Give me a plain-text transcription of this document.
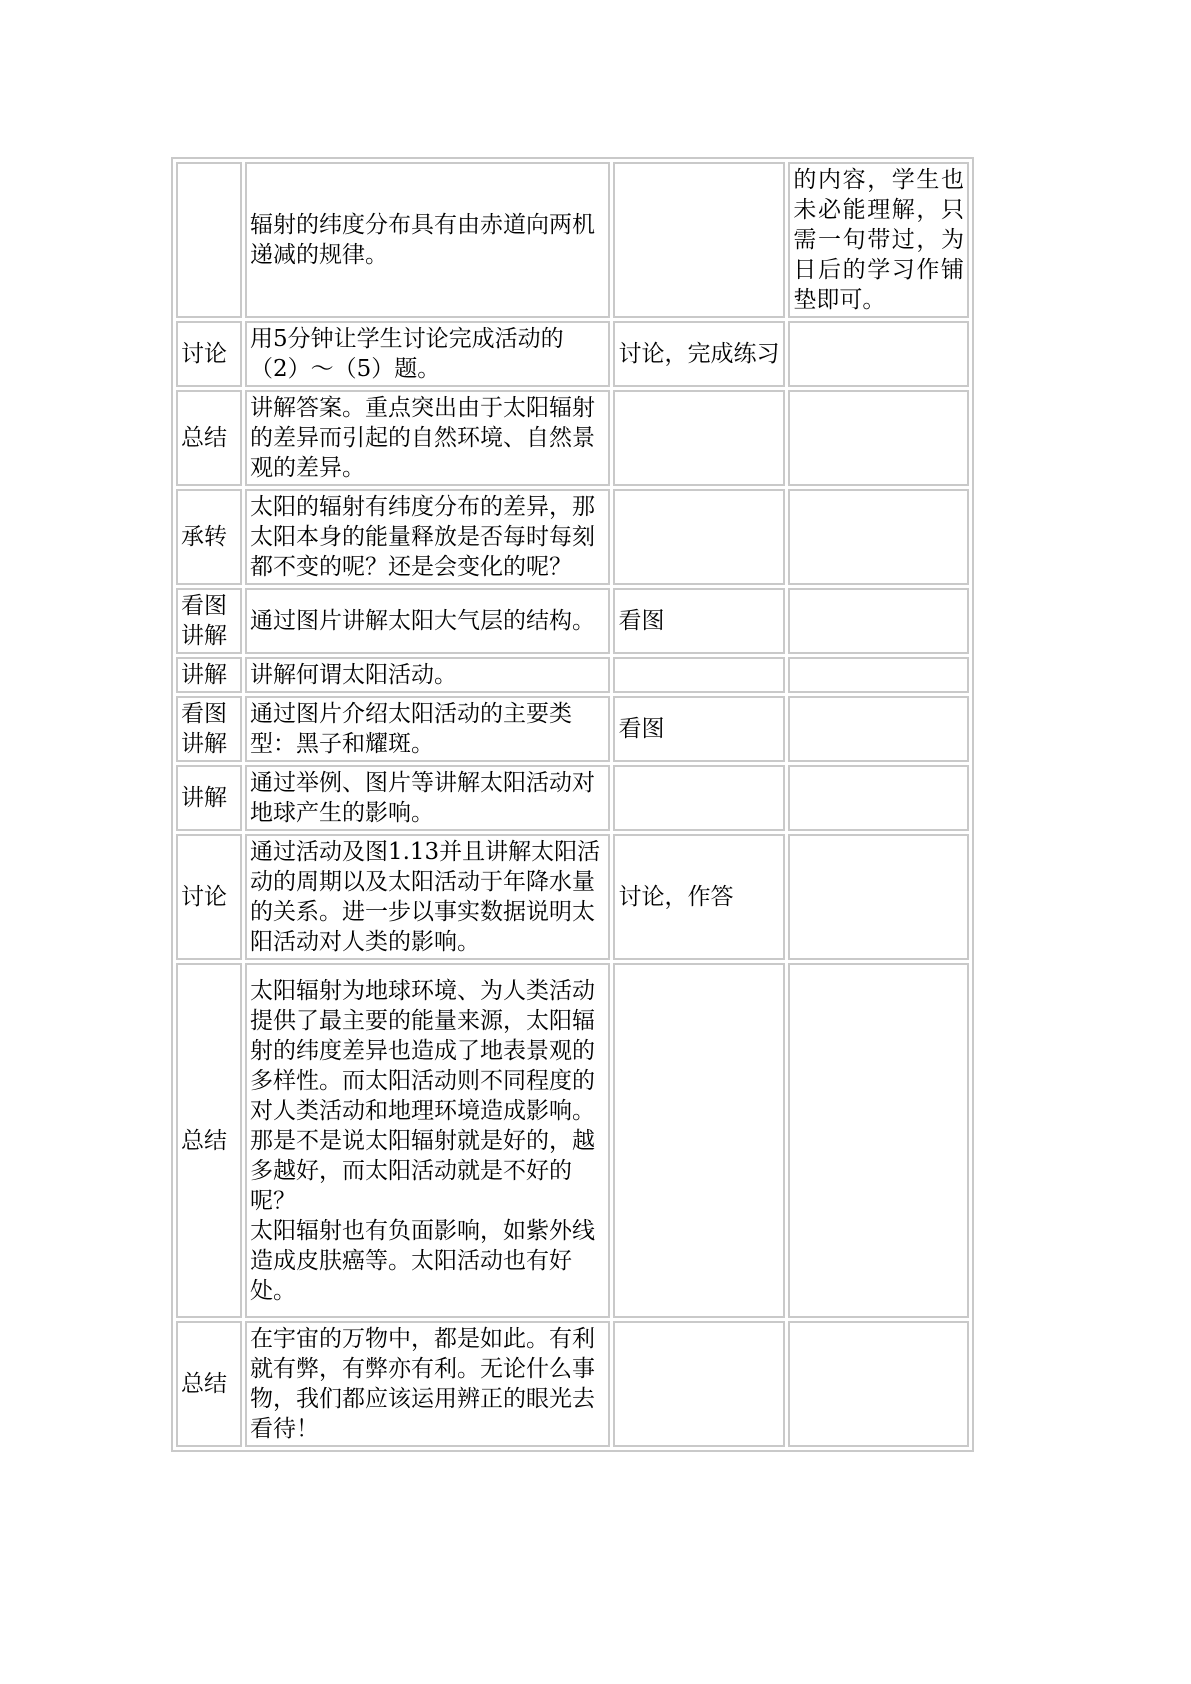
	辐射的纬度分布具有由赤道向两机递减的规律。		的内容，学生也未必能理解，只需一句带过，为日后的学习作铺垫即可。
讨论	用5分钟让学生讨论完成活动的（2）～（5）题。	讨论，完成练习	
总结	讲解答案。重点突出由于太阳辐射的差异而引起的自然环境、自然景观的差异。		

承转	太阳的辐射有纬度分布的差异，那太阳本身的能量释放是否每时每刻都不变的呢？还是会变化的呢？		

看图讲解	通过图片讲解太阳大气层的结构。	看图	
讲解	讲解何谓太阳活动。		

看图讲解	通过图片介绍太阳活动的主要类型：黑子和耀斑。	看图	
讲解	通过举例、图片等讲解太阳活动对地球产生的影响。		

讨论	通过活动及图1.13并且讲解太阳活动的周期以及太阳活动于年降水量的关系。进一步以事实数据说明太阳活动对人类的影响。	讨论，作答	
总结	太阳辐射为地球环境、为人类活动提供了最主要的能量来源，太阳辐射的纬度差异也造成了地表景观的多样性。而太阳活动则不同程度的对人类活动和地理环境造成影响。那是不是说太阳辐射就是好的，越多越好，而太阳活动就是不好的呢？
太阳辐射也有负面影响，如紫外线造成皮肤癌等。太阳活动也有好处。		

总结	在宇宙的万物中，都是如此。有利就有弊，有弊亦有利。无论什么事物，我们都应该运用辨正的眼光去看待！		
